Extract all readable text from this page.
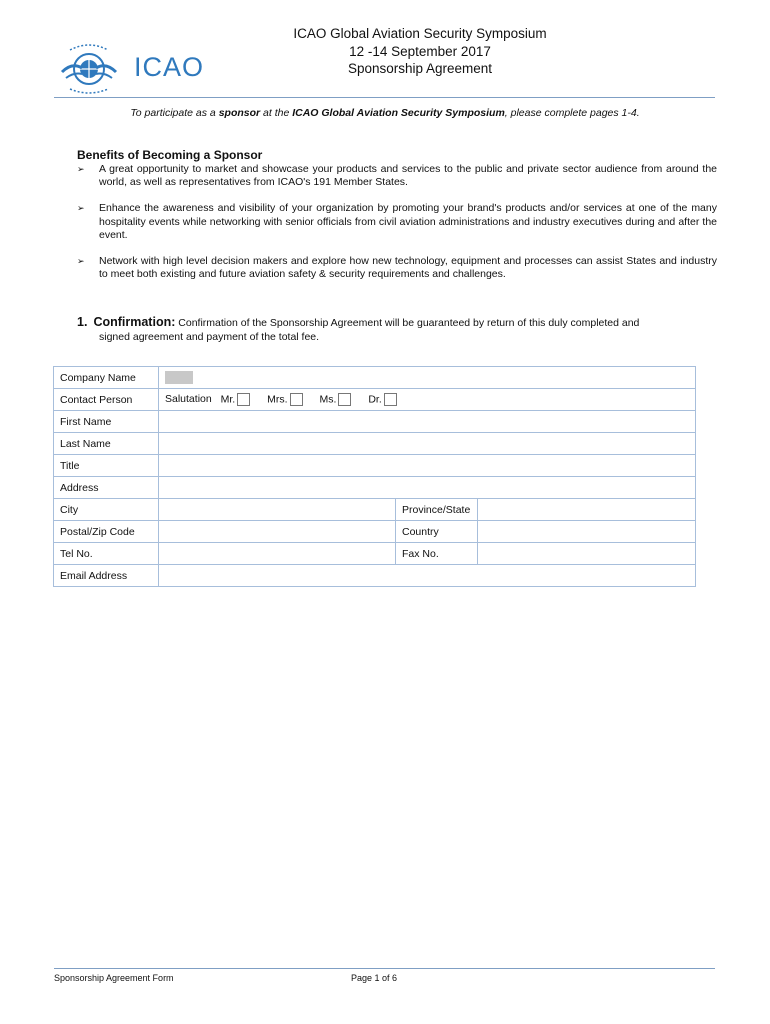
ICAO
ICAO Global Aviation Security Symposium
12 -14 September 2017
Sponsorship Agreement
To participate as a sponsor at the ICAO Global Aviation Security Symposium, please complete pages 1-4.
Benefits of Becoming a Sponsor
➢ A great opportunity to market and showcase your products and services to the public and private sector audience from around the world, as well as representatives from ICAO's 191 Member States.
➢ Enhance the awareness and visibility of your organization by promoting your brand's products and/or services at one of the many hospitality events while networking with senior officials from civil aviation administrations and industry executives during and after the event.
➢ Network with high level decision makers and explore how new technology, equipment and processes can assist States and industry to meet both existing and future aviation safety & security requirements and challenges.
1. Confirmation: Confirmation of the Sponsorship Agreement will be guaranteed by return of this duly completed and
signed agreement and payment of the total fee.
Company Name			
Contact Person	Salutation Mr. Mrs. Ms. Dr.		
First Name			
Last Name			
Title			
Address			
City		Province/State	
Postal/Zip Code		Country	
Tel No.		Fax No.	
Email Address			
Sponsorship Agreement Form	Page 1 of 6
